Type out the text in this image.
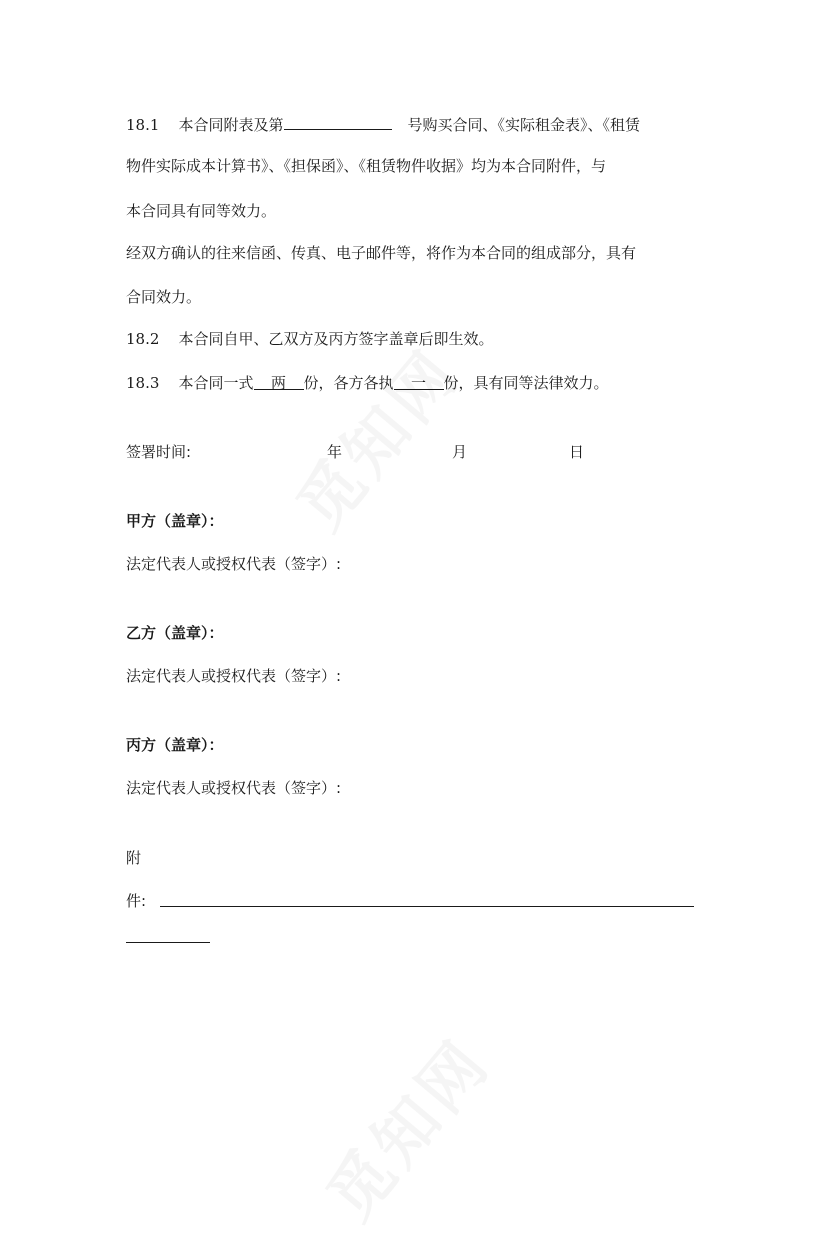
18.1 本合同附表及第	号购买合同、《实际租金表》、《租赁
物件实际成本计算书》、《担保函》、《租赁物件收据》均为本合同附件，与
本合同具有同等效力。
经双方确认的往来信函、传真、电子邮件等，将作为本合同的组成部分，具有
合同效力。
18.2 本合同自甲、乙双方及丙方签字盖章后即生效。
18.3 本合同一式 两 份，各方各执 一 份，具有同等法律效力。
签署时间:	年	月	日
甲方（盖章）：
法定代表人或授权代表（签字）:
乙方（盖章）：
法定代表人或授权代表（签字）:
丙方（盖章）：
法定代表人或授权代表（签字）:
附
件:
